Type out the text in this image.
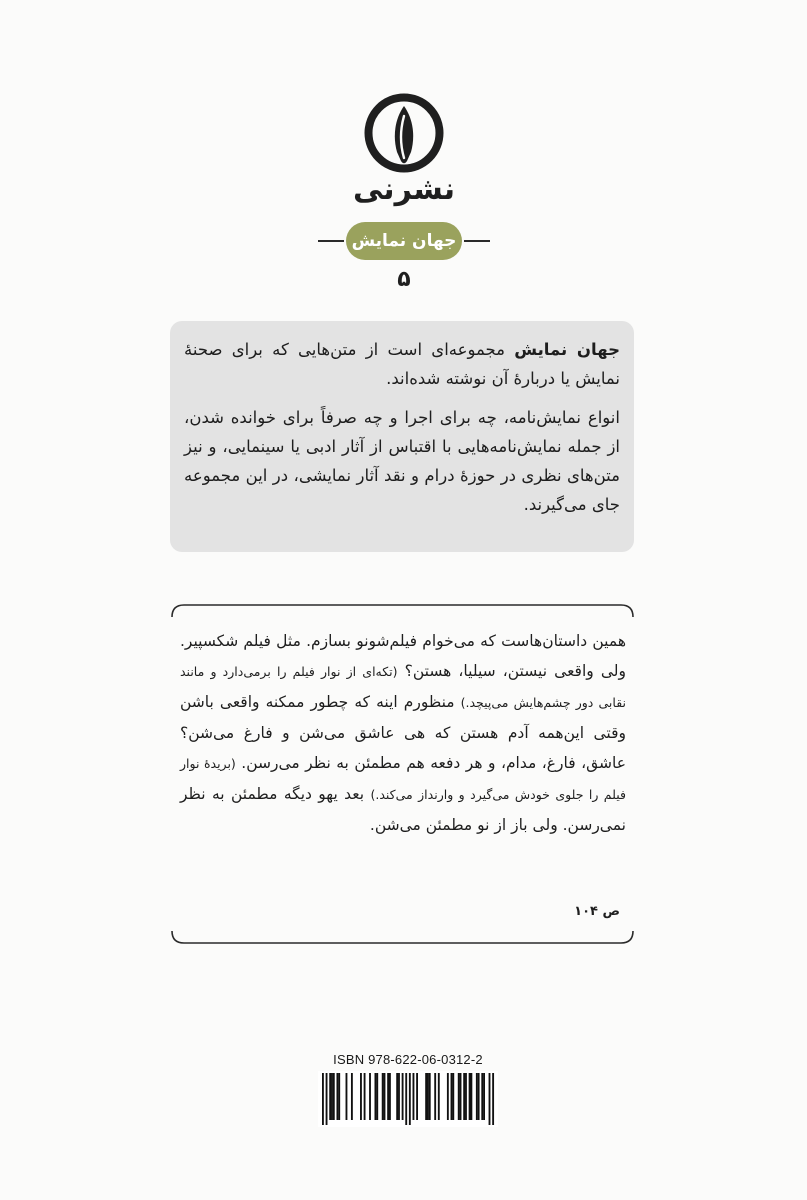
نشرنی
جهان نمایش
۵

جهان نمایش مجموعه‌ای است از متن‌هایی که برای صحنهٔ نمایش یا دربارهٔ آن نوشته شده‌اند.

انواع نمایش‌نامه، چه برای اجرا و چه صرفاً برای خوانده شدن، از جمله نمایش‌نامه‌هایی با اقتباس از آثار ادبی یا سینمایی، و نیز متن‌های نظری در حوزهٔ درام و نقد آثار نمایشی، در این مجموعه جای می‌گیرند.

همین داستان‌هاست که می‌خوام فیلم‌شونو بسازم. مثل فیلم شکسپیر. ولی واقعی نیستن، سیلیا، هستن؟ (تکه‌ای از نوار فیلم را برمی‌دارد و مانند نقابی دور چشم‌هایش می‌پیچد.) منظورم اینه که چطور ممکنه واقعی باشن وقتی این‌همه آدم هستن که هی عاشق می‌شن و فارغ می‌شن؟ عاشق، فارغ، مدام، و هر دفعه هم مطمئن به نظر می‌رسن. (بریدهٔ نوار فیلم را جلوی خودش می‌گیرد و وارنداز می‌کند.) بعد یهو دیگه مطمئن به نظر نمی‌رسن. ولی باز از نو مطمئن می‌شن.
ص ۱۰۴
ISBN 978-622-06-0312-2
